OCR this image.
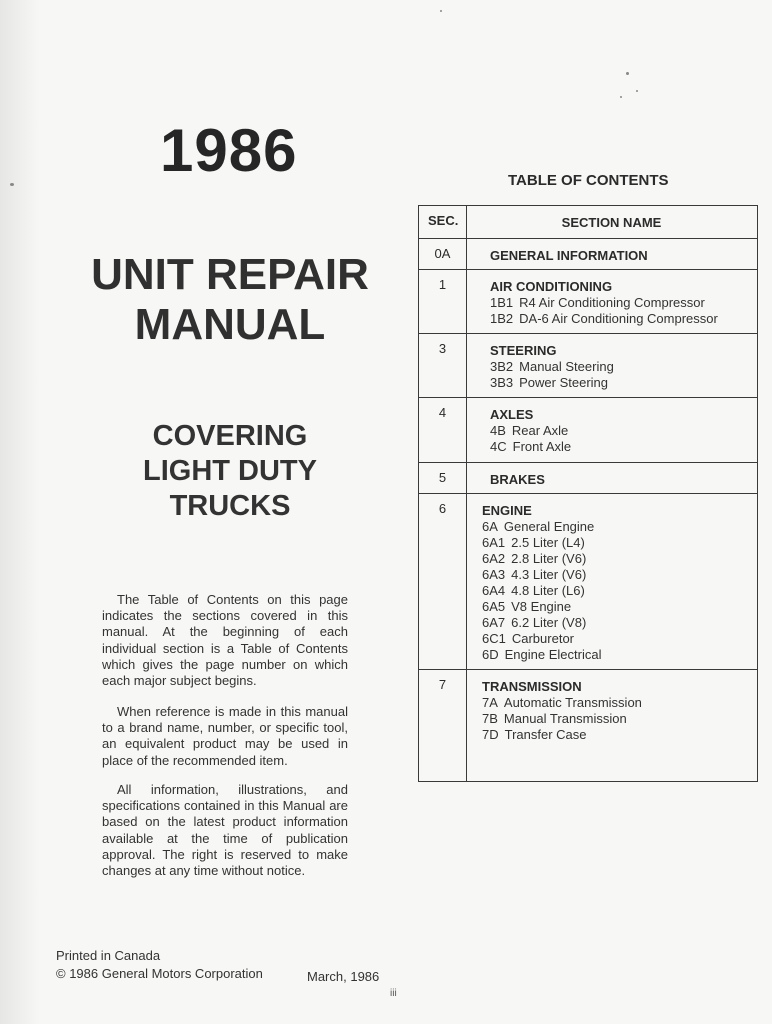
1986
UNIT REPAIR
MANUAL
COVERING
LIGHT DUTY
TRUCKS
The Table of Contents on this page indicates the sections covered in this manual. At the beginning of each individual section is a Table of Contents which gives the page number on which each major subject begins.
When reference is made in this manual to a brand name, number, or specific tool, an equivalent product may be used in place of the recommended item.
All information, illustrations, and specifications contained in this Manual are based on the latest product information available at the time of publication approval. The right is reserved to make changes at any time without notice.
Printed in Canada
© 1986 General Motors Corporation	March, 1986
iii
TABLE OF CONTENTS
SEC.	SECTION NAME
0A	GENERAL INFORMATION
1	AIR CONDITIONING
1B1 R4 Air Conditioning Compressor
1B2 DA-6 Air Conditioning Compressor
3	STEERING
3B2 Manual Steering
3B3 Power Steering
4	AXLES
4B Rear Axle
4C Front Axle
5	BRAKES
6	ENGINE
6A General Engine
6A1 2.5 Liter (L4)
6A2 2.8 Liter (V6)
6A3 4.3 Liter (V6)
6A4 4.8 Liter (L6)
6A5 V8 Engine
6A7 6.2 Liter (V8)
6C1 Carburetor
6D Engine Electrical
7	TRANSMISSION
7A Automatic Transmission
7B Manual Transmission
7D Transfer Case
